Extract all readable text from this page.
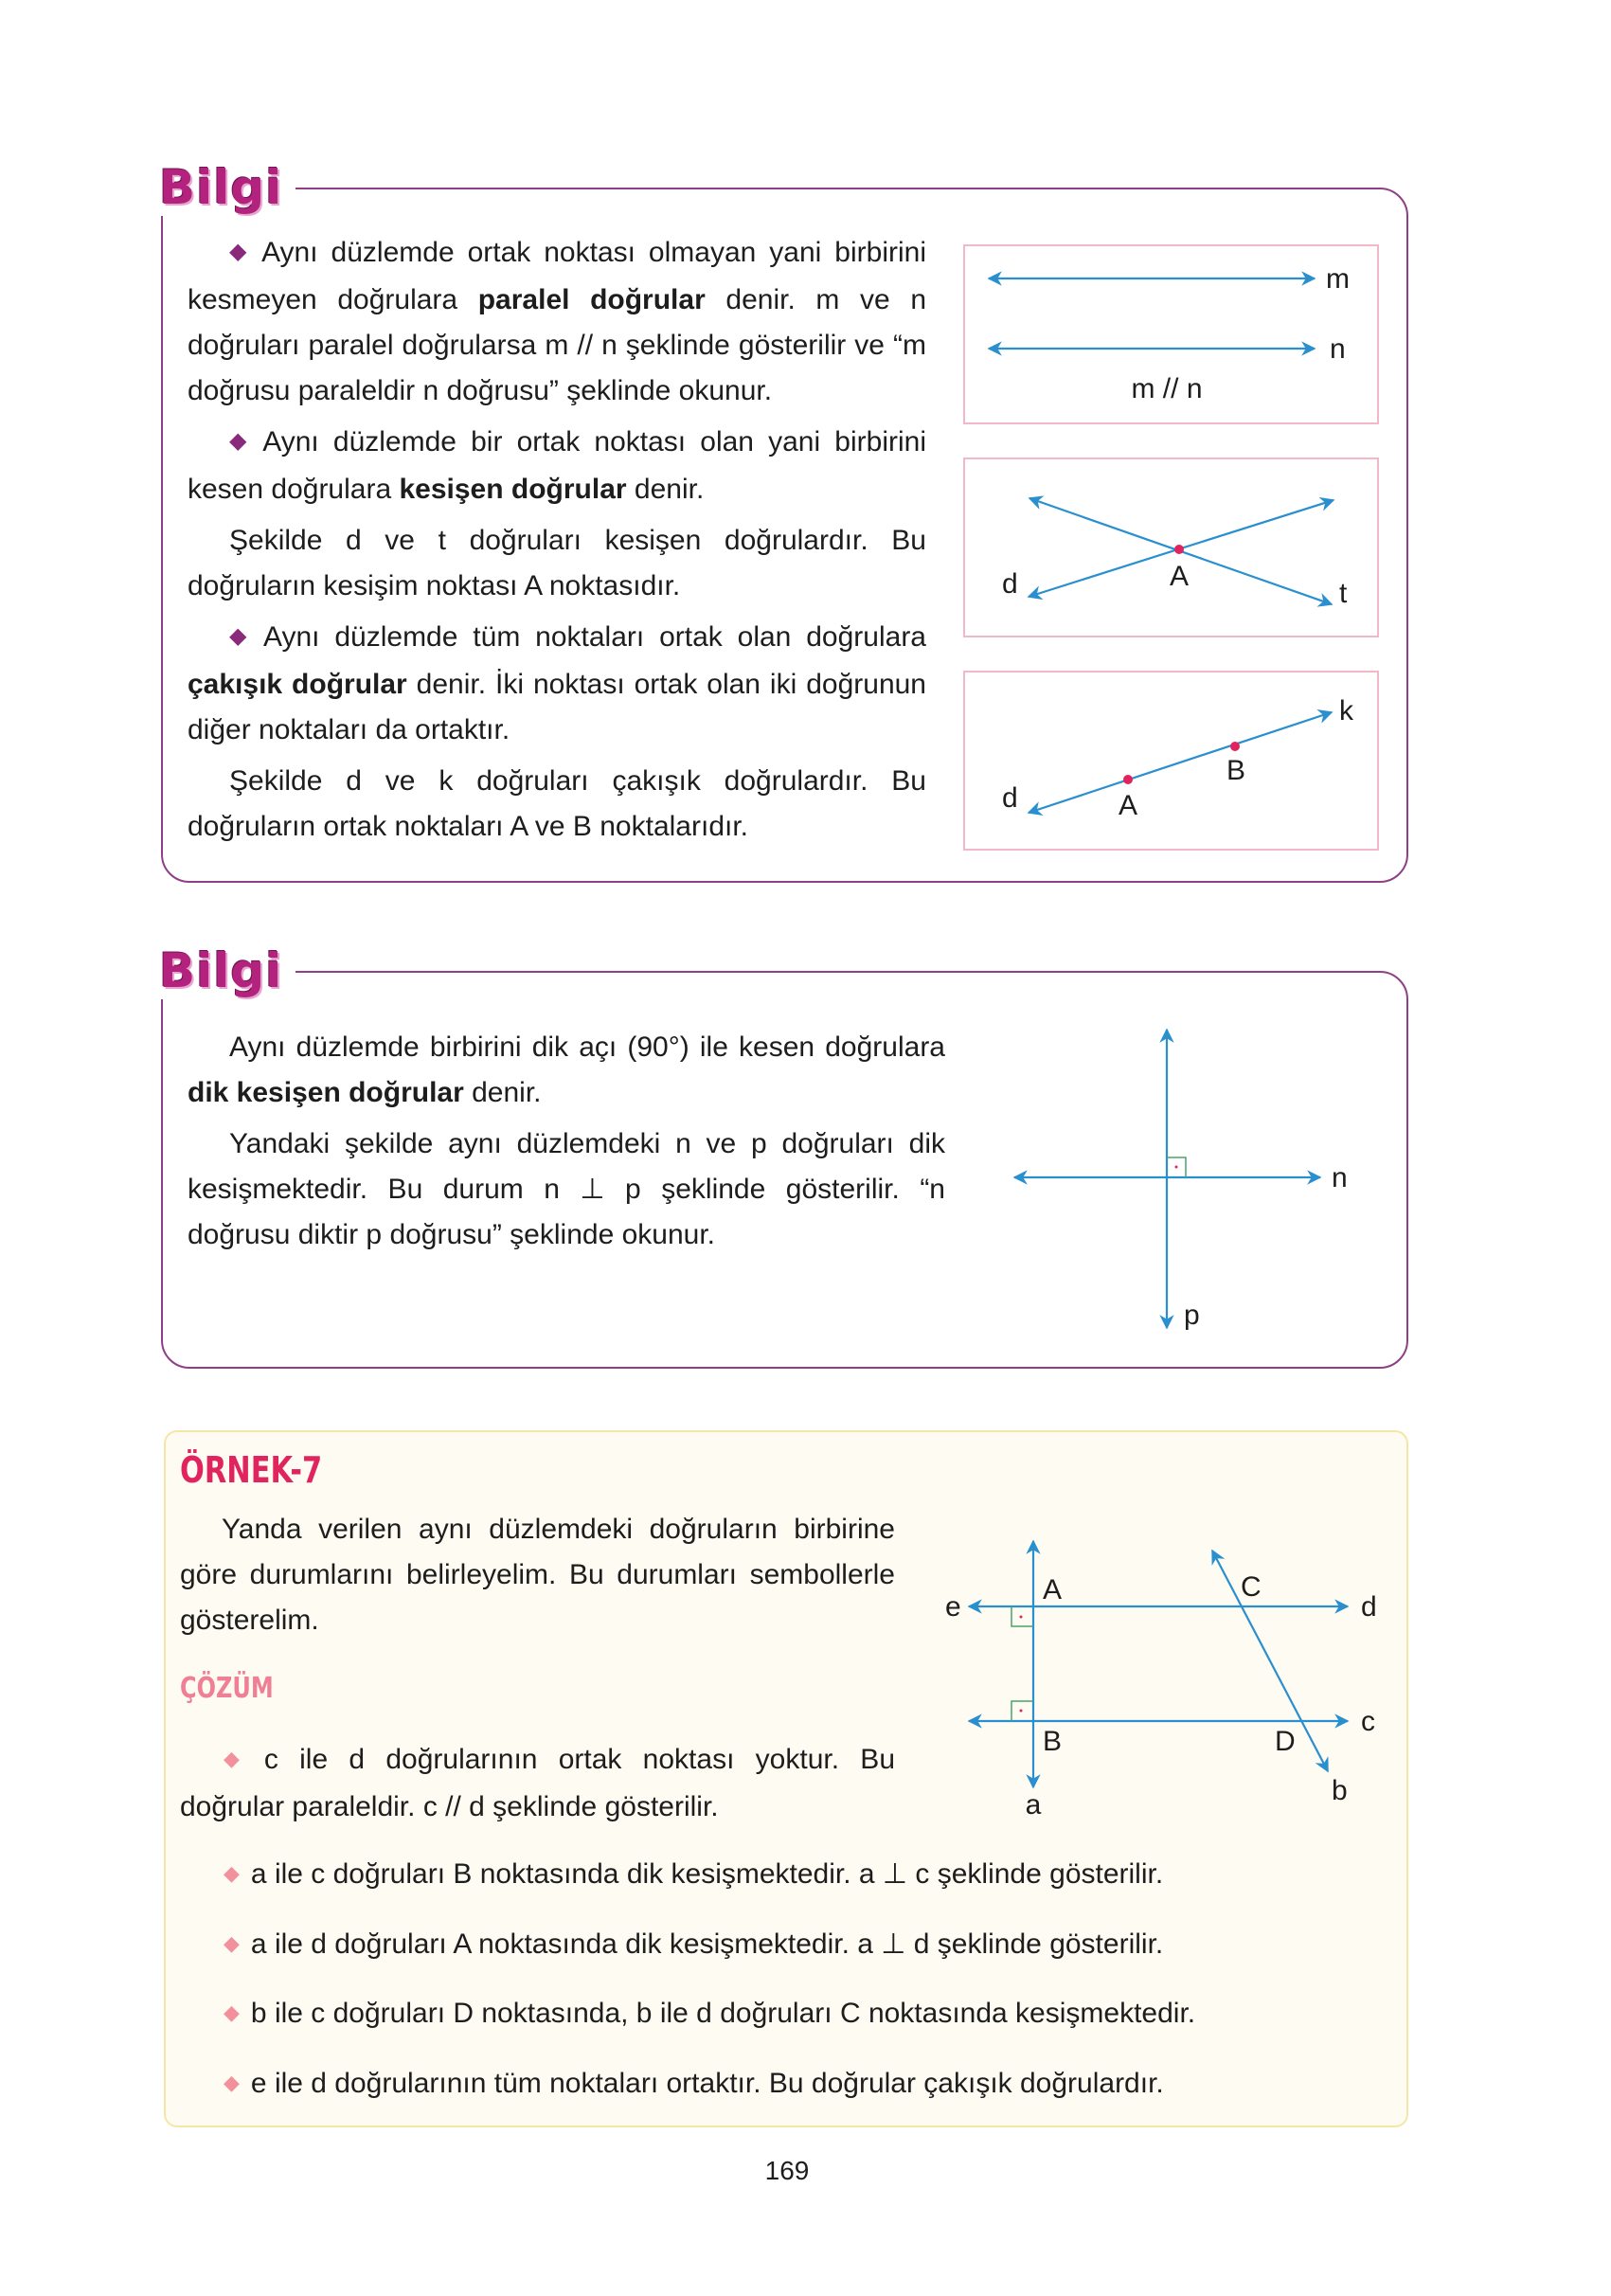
Bilgi

◆ Aynı düzlemde ortak noktası olmayan yani birbirini kesmeyen doğrulara paralel doğrular denir. m ve n doğruları paralel doğrularsa m // n şeklinde gösterilir ve “m doğrusu paraleldir n doğrusu” şeklinde okunur.

◆ Aynı düzlemde bir ortak noktası olan yani birbirini kesen doğrulara kesişen doğrular denir.

Şekilde d ve t doğruları kesişen doğrulardır. Bu doğruların kesişim noktası A noktasıdır.

◆ Aynı düzlemde tüm noktaları ortak olan doğrulara çakışık doğrular denir. İki noktası ortak olan iki doğrunun diğer noktaları da ortaktır.

Şekilde d ve k doğruları çakışık doğrulardır. Bu doğruların ortak noktaları A ve B noktalarıdır.

Bilgi

Aynı düzlemde birbirini dik açı (90°) ile kesen doğrulara dik kesişen doğrular denir.

Yandaki şekilde aynı düzlemdeki n ve p doğruları dik kesişmektedir. Bu durum n ⊥ p şeklinde gösterilir. “n doğrusu diktir p doğrusu” şeklinde okunur.

ÖRNEK-7
Yanda verilen aynı düzlemdeki doğruların birbirine göre durumlarını belirleyelim. Bu durumları sembollerle gösterelim.
ÇÖZÜM
◆ c ile d doğrularının ortak noktası yoktur. Bu doğrular paraleldir. c // d şeklinde gösterilir.
◆ a ile c doğruları B noktasında dik kesişmektedir. a ⊥ c şeklinde gösterilir.
◆ a ile d doğruları A noktasında dik kesişmektedir. a ⊥ d şeklinde gösterilir.
◆ b ile c doğruları D noktasında, b ile d doğruları C noktasında kesişmektedir.
◆ e ile d doğrularının tüm noktaları ortaktır. Bu doğrular çakışık doğrulardır.
169
m
n
m // n
d	A
t
k
d	A
B
n
p
e	d
c
b
a
A
B
C
D
